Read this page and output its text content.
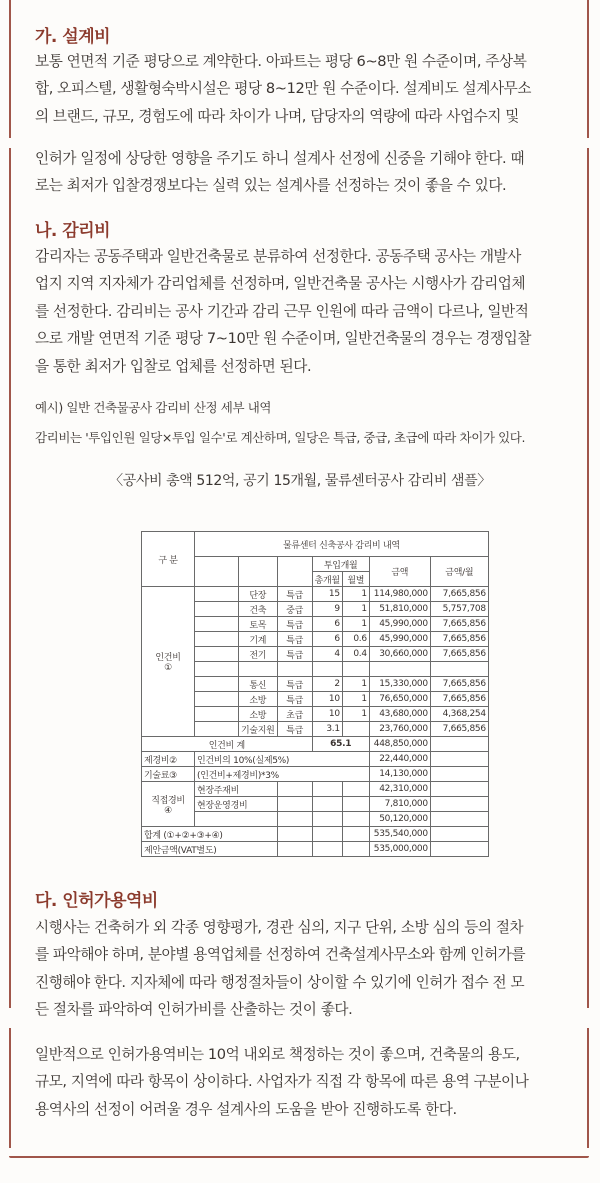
가. 설계비

보통 연면적 기준 평당으로 계약한다. 아파트는 평당 6~8만 원 수준이며, 주상복
합, 오피스텔, 생활형숙박시설은 평당 8~12만 원 수준이다. 설계비도 설계사무소
의 브랜드, 규모, 경험도에 따라 차이가 나며, 담당자의 역량에 따라 사업수지 및

인허가 일정에 상당한 영향을 주기도 하니 설계사 선정에 신중을 기해야 한다. 때
로는 최저가 입찰경쟁보다는 실력 있는 설계사를 선정하는 것이 좋을 수 있다.

나. 감리비

감리자는 공동주택과 일반건축물로 분류하여 선정한다. 공동주택 공사는 개발사
업지 지역 지자체가 감리업체를 선정하며, 일반건축물 공사는 시행사가 감리업체
를 선정한다. 감리비는 공사 기간과 감리 근무 인원에 따라 금액이 다르나, 일반적
으로 개발 연면적 기준 평당 7~10만 원 수준이며, 일반건축물의 경우는 경쟁입찰
을 통한 최저가 입찰로 업체를 선정하면 된다.

예시) 일반 건축물공사 감리비 산정 세부 내역
감리비는 '투입인원 일당×투입 일수'로 계산하며, 일당은 특급, 중급, 초급에 따라 차이가 있다.
〈공사비 총액 512억, 공기 15개월, 물류센터공사 감리비 샘플〉
구 분	물류센터 신축공사 감리비 내역						
				투입개월		금액	금액/월
				총개월	월별		
인건비
①		단장	특급	15	1	114,980,000	7,665,856
		건축	중급	9	1	51,810,000	5,757,708
		토목	특급	6	1	45,990,000	7,665,856
		기계	특급	6	0.6	45,990,000	7,665,856
		전기	특급	4	0.4	30,660,000	7,665,856

		통신	특급	2	1	15,330,000	7,665,856
		소방	특급	10	1	76,650,000	7,665,856
		소방	초급	10	1	43,680,000	4,368,254
		기술지원	특급	3.1		23,760,000	7,665,856
인건비 계				65.1		448,850,000	
제경비②	인건비의 10%(실제5%)					22,440,000	
기술료③	(인건비+제경비)*3%					14,130,000	
직접경비
④	현장주재비					42,310,000	
	현장운영경비					7,810,000	
						50,120,000	
합계 (①+②+③+④)						535,540,000	
제안금액(VAT별도)						535,000,000	
다. 인허가용역비

시행사는 건축허가 외 각종 영향평가, 경관 심의, 지구 단위, 소방 심의 등의 절차
를 파악해야 하며, 분야별 용역업체를 선정하여 건축설계사무소와 함께 인허가를
진행해야 한다. 지자체에 따라 행정절차들이 상이할 수 있기에 인허가 접수 전 모
든 절차를 파악하여 인허가비를 산출하는 것이 좋다.

일반적으로 인허가용역비는 10억 내외로 책정하는 것이 좋으며, 건축물의 용도,
규모, 지역에 따라 항목이 상이하다. 사업자가 직접 각 항목에 따른 용역 구분이나
용역사의 선정이 어려울 경우 설계사의 도움을 받아 진행하도록 한다.
